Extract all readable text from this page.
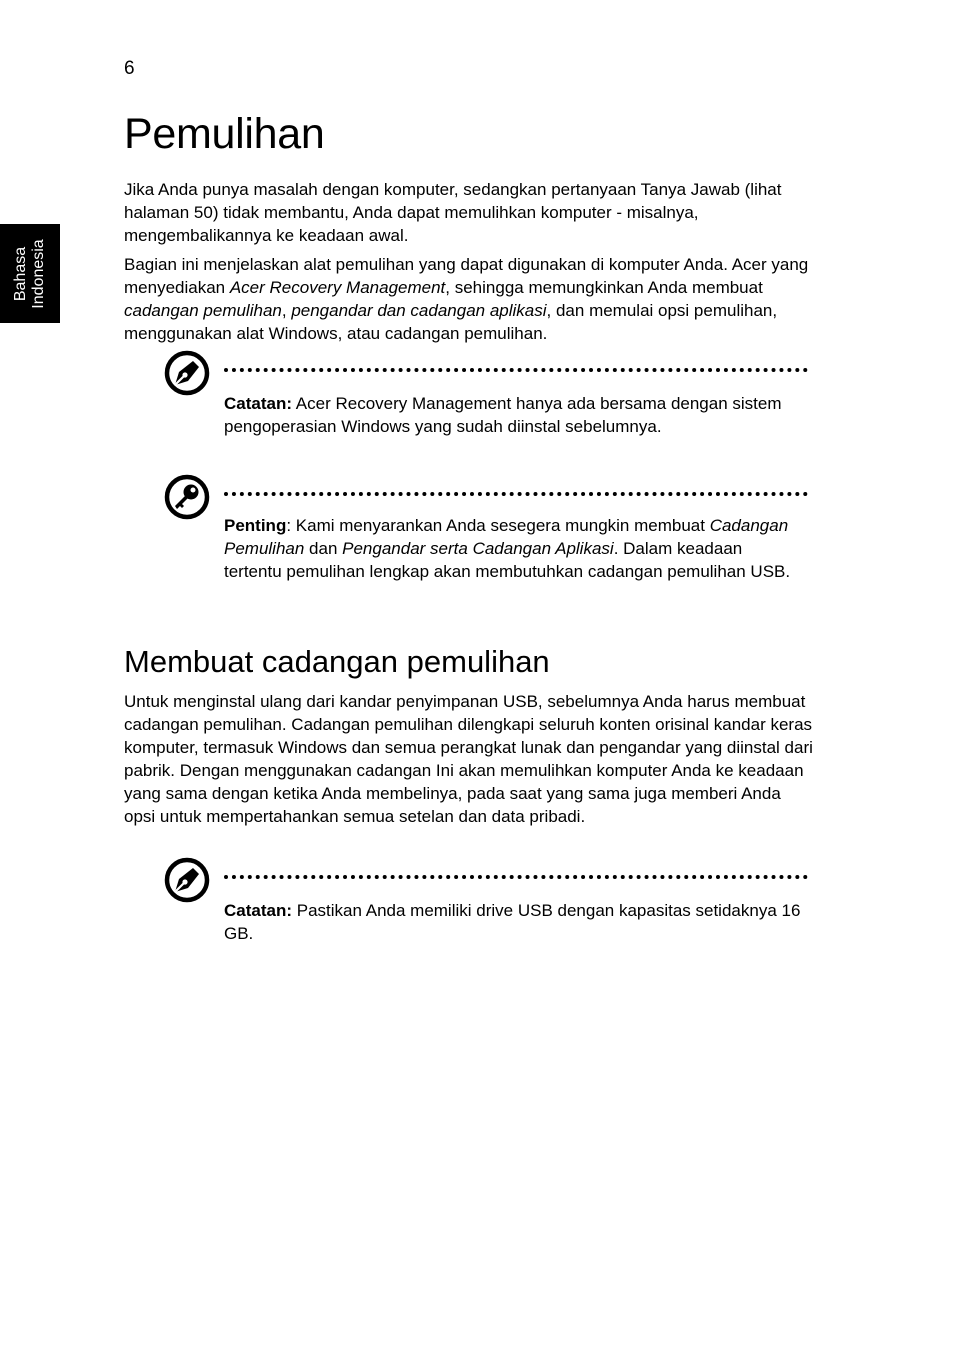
6
Bahasa Indonesia
Pemulihan

Jika Anda punya masalah dengan komputer, sedangkan pertanyaan Tanya Jawab (lihat halaman 50) tidak membantu, Anda dapat memulihkan komputer - misalnya, mengembalikannya ke keadaan awal.

Bagian ini menjelaskan alat pemulihan yang dapat digunakan di komputer Anda. Acer yang menyediakan Acer Recovery Management, sehingga memungkinkan Anda membuat cadangan pemulihan, pengandar dan cadangan aplikasi, dan memulai opsi pemulihan, menggunakan alat Windows, atau cadangan pemulihan.

Catatan: Acer Recovery Management hanya ada bersama dengan sistem pengoperasian Windows yang sudah diinstal sebelumnya.

Penting: Kami menyarankan Anda sesegera mungkin membuat Cadangan Pemulihan dan Pengandar serta Cadangan Aplikasi. Dalam keadaan tertentu pemulihan lengkap akan membutuhkan cadangan pemulihan USB.

Membuat cadangan pemulihan

Untuk menginstal ulang dari kandar penyimpanan USB, sebelumnya Anda harus membuat cadangan pemulihan. Cadangan pemulihan dilengkapi seluruh konten orisinal kandar keras komputer, termasuk Windows dan semua perangkat lunak dan pengandar yang diinstal dari pabrik. Dengan menggunakan cadangan Ini akan memulihkan komputer Anda ke keadaan yang sama dengan ketika Anda membelinya, pada saat yang sama juga memberi Anda opsi untuk mempertahankan semua setelan dan data pribadi.

Catatan: Pastikan Anda memiliki drive USB dengan kapasitas setidaknya 16 GB.
